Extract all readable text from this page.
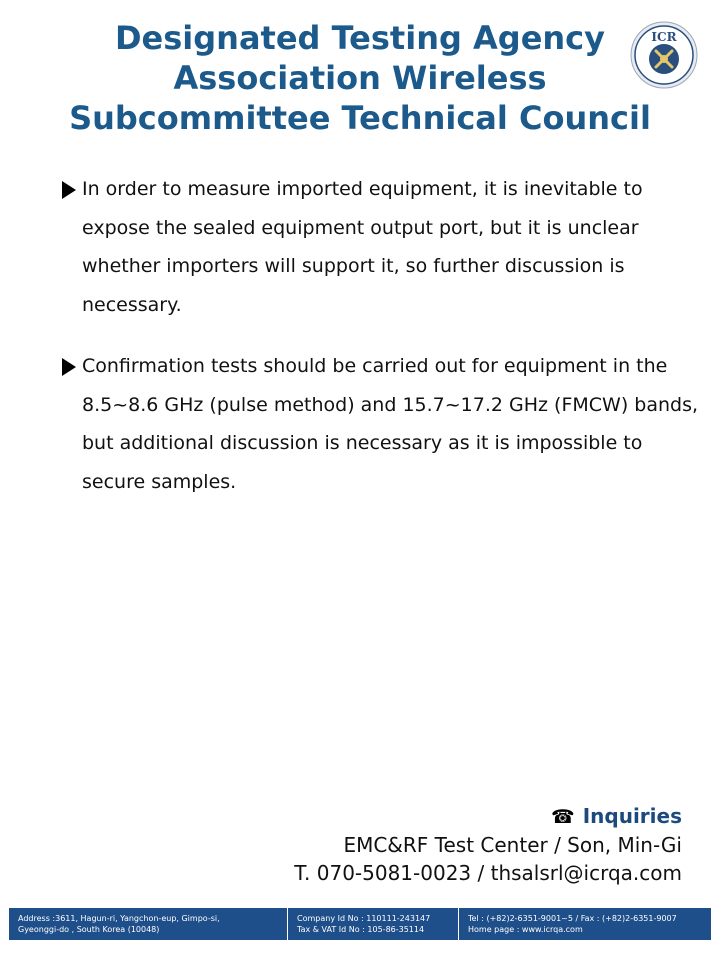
Designated Testing Agency
Association Wireless
Subcommittee Technical Council
ICR
In order to measure imported equipment, it is inevitable to expose the sealed equipment output port, but it is unclear whether importers will support it, so further discussion is necessary.
Confirmation tests should be carried out for equipment in the 8.5~8.6 GHz (pulse method) and 15.7~17.2 GHz (FMCW) bands, but additional discussion is necessary as it is impossible to secure samples.
☎ Inquiries
EMC&RF Test Center / Son, Min-Gi
T. 070-5081-0023 / thsalsrl@icrqa.com
Address :3611, Hagun-ri, Yangchon-eup, Gimpo-si,
Gyeonggi-do , South Korea (10048)
Company Id No : 110111-243147
Tax & VAT Id No : 105-86-35114
Tel : (+82)2-6351-9001~5 / Fax : (+82)2-6351-9007
Home page : www.icrqa.com
